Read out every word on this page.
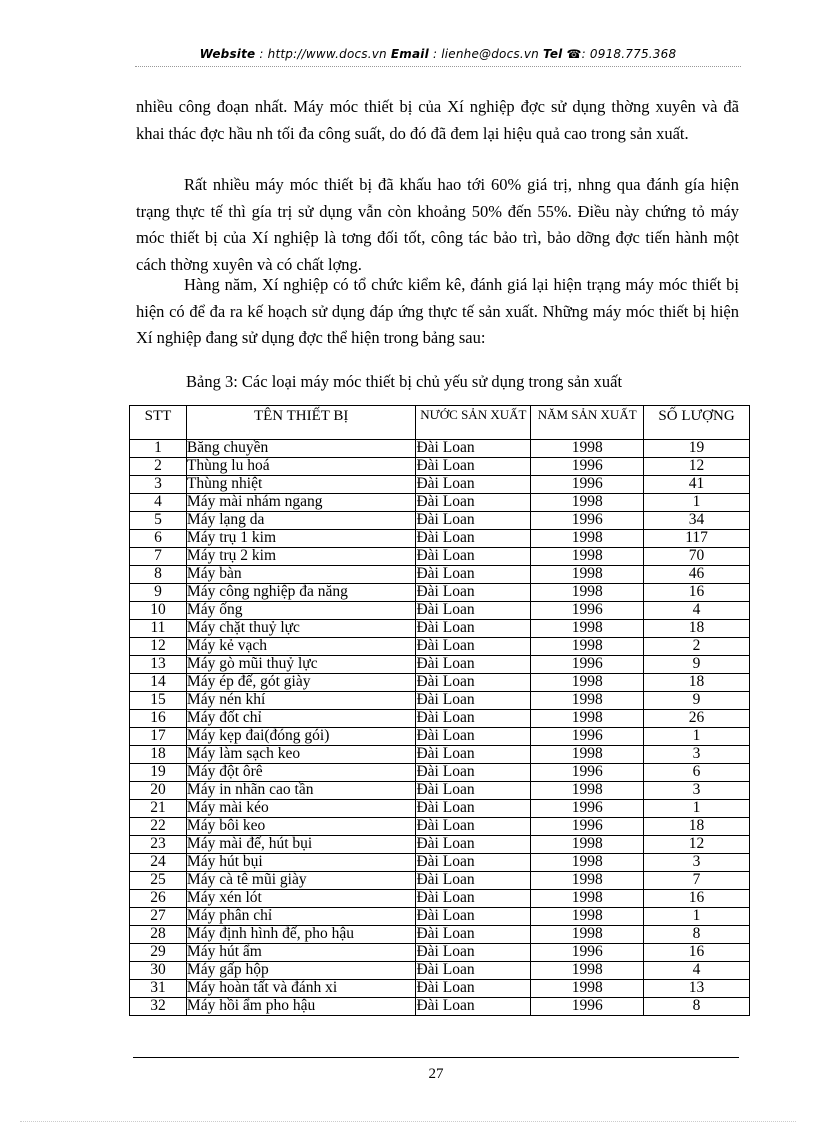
Website : http://www.docs.vn Email : lienhe@docs.vn Tel ☎: 0918.775.368

nhiều công đoạn nhất. Máy móc thiết bị của Xí nghiệp đợc sử dụng thờng xuyên và đã khai thác đợc hầu nh tối đa công suất, do đó đã đem lại hiệu quả cao trong sản xuất.

Rất nhiều máy móc thiết bị đã khấu hao tới 60% giá trị, nhng qua đánh gía hiện trạng thực tế thì gía trị sử dụng vẫn còn khoảng 50% đến 55%. Điều này chứng tỏ máy móc thiết bị của Xí nghiệp là tơng đối tốt, công tác bảo trì, bảo dỡng đợc tiến hành một cách thờng xuyên và có chất lợng.

Hàng năm, Xí nghiệp có tổ chức kiểm kê, đánh giá lại hiện trạng máy móc thiết bị hiện có để đa ra kế hoạch sử dụng đáp ứng thực tế sản xuất. Những máy móc thiết bị hiện Xí nghiệp đang sử dụng đợc thể hiện trong bảng sau:

Bảng 3: Các loại máy móc thiết bị chủ yếu sử dụng trong sản xuất
STT	TÊN THIẾT BỊ	NƯỚC SẢN XUẤT	NĂM SẢN XUẤT	SỐ LƯỢNG
1	Băng chuyền	Đài Loan	1998	19
2	Thùng lu hoá	Đài Loan	1996	12
3	Thùng nhiệt	Đài Loan	1996	41
4	Máy mài nhám ngang	Đài Loan	1998	1
5	Máy lạng da	Đài Loan	1996	34
6	Máy trụ 1 kim	Đài Loan	1998	117
7	Máy trụ 2 kim	Đài Loan	1998	70
8	Máy bàn	Đài Loan	1998	46
9	Máy công nghiệp đa năng	Đài Loan	1998	16
10	Máy ống	Đài Loan	1996	4
11	Máy chặt thuỷ lực	Đài Loan	1998	18
12	Máy kẻ vạch	Đài Loan	1998	2
13	Máy gò mũi thuỷ lực	Đài Loan	1996	9
14	Máy ép đế, gót giày	Đài Loan	1998	18
15	Máy nén khí	Đài Loan	1998	9
16	Máy đốt chỉ	Đài Loan	1998	26
17	Máy kẹp đai(đóng gói)	Đài Loan	1996	1
18	Máy làm sạch keo	Đài Loan	1998	3
19	Máy đột ôrê	Đài Loan	1996	6
20	Máy in nhãn cao tần	Đài Loan	1998	3
21	Máy mài kéo	Đài Loan	1996	1
22	Máy bôi keo	Đài Loan	1996	18
23	Máy mài đế, hút bụi	Đài Loan	1998	12
24	Máy hút bụi	Đài Loan	1998	3
25	Máy cà tê mũi giày	Đài Loan	1998	7
26	Máy xén lót	Đài Loan	1998	16
27	Máy phân chỉ	Đài Loan	1998	1
28	Máy định hình đế, pho hậu	Đài Loan	1998	8
29	Máy hút ẩm	Đài Loan	1996	16
30	Máy gấp hộp	Đài Loan	1998	4
31	Máy hoàn tất và đánh xi	Đài Loan	1998	13
32	Máy hồi ẩm pho hậu	Đài Loan	1996	8
27
